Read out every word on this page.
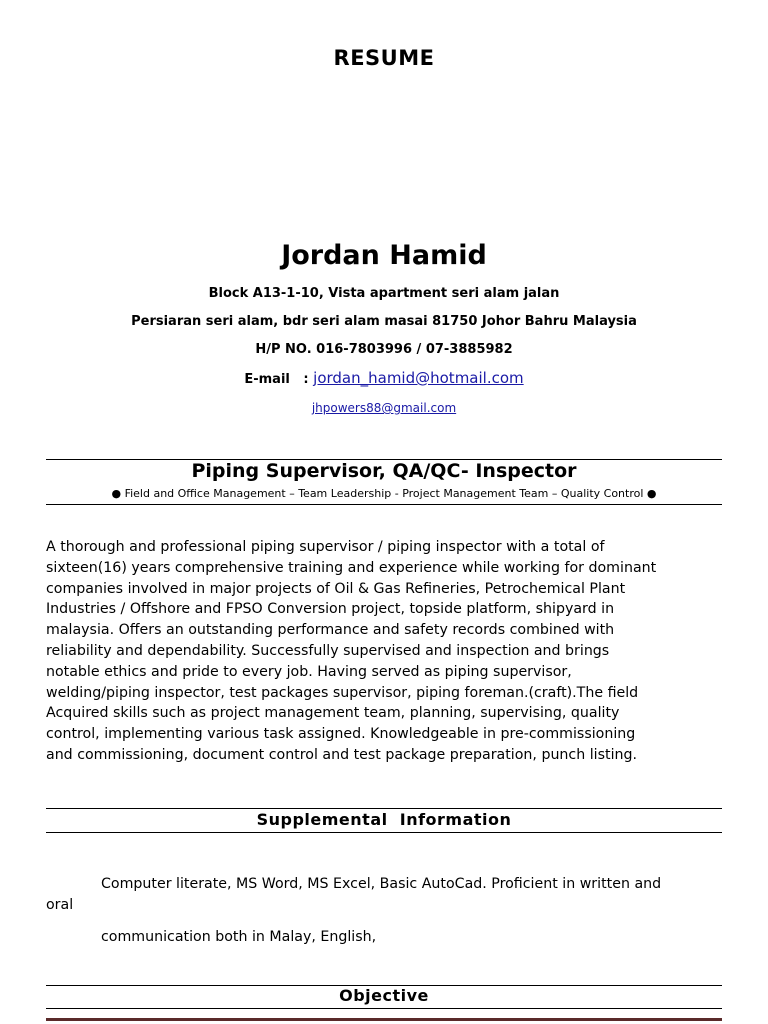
RESUME
Jordan Hamid
Block A13-1-10, Vista apartment seri alam jalan
Persiaran seri alam, bdr seri alam masai 81750 Johor Bahru Malaysia
H/P NO. 016-7803996 / 07-3885982
E-mail   : jordan_hamid@hotmail.com
jhpowers88@gmail.com
Piping Supervisor, QA/QC- Inspector
● Field and Office Management – Team Leadership - Project Management Team – Quality Control ●
A thorough and professional piping supervisor / piping inspector with a total of
sixteen(16) years comprehensive training and experience while working for dominant
companies involved in major projects of Oil & Gas Refineries, Petrochemical Plant
Industries / Offshore and FPSO Conversion project, topside platform, shipyard in
malaysia. Offers an outstanding performance and safety records combined with
reliability and dependability. Successfully supervised and inspection and brings
notable ethics and pride to every job. Having served as piping supervisor,
welding/piping inspector, test packages supervisor, piping foreman.(craft).The field
Acquired skills such as project management team, planning, supervising, quality
control, implementing various task assigned. Knowledgeable in pre-commissioning
and commissioning, document control and test package preparation, punch listing.
Supplemental  Information
Computer literate, MS Word, MS Excel, Basic AutoCad. Proficient in written and
oral
communication both in Malay, English,
Objective
